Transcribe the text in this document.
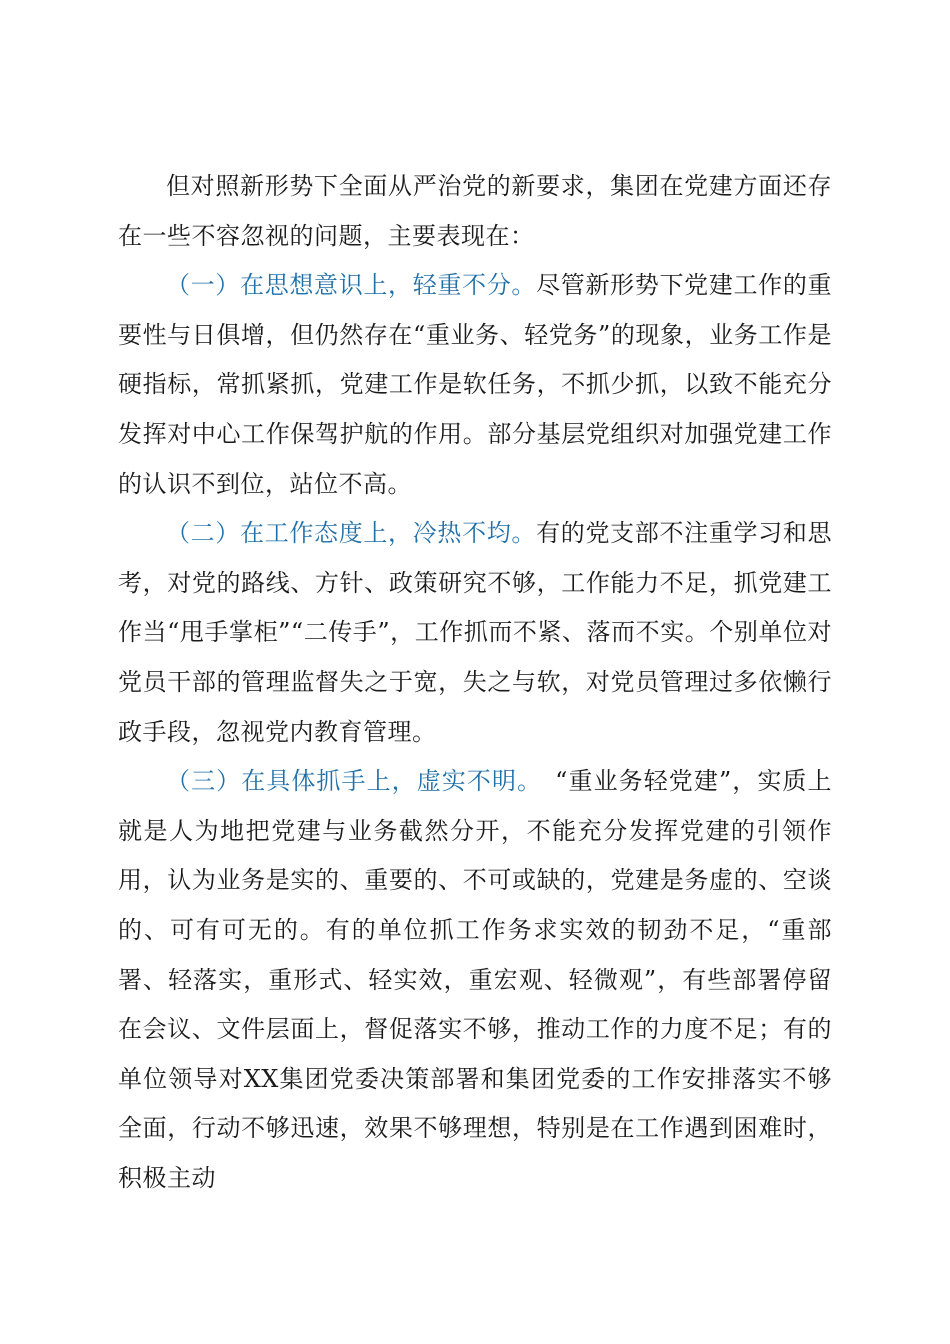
但对照新形势下全面从严治党的新要求，集团在党建方面还存在一些不容忽视的问题，主要表现在：

（一）在思想意识上，轻重不分。尽管新形势下党建工作的重要性与日俱增，但仍然存在“重业务、轻党务”的现象，业务工作是硬指标，常抓紧抓，党建工作是软任务，不抓少抓，以致不能充分发挥对中心工作保驾护航的作用。部分基层党组织对加强党建工作的认识不到位，站位不高。

（二）在工作态度上，冷热不均。有的党支部不注重学习和思考，对党的路线、方针、政策研究不够，工作能力不足，抓党建工作当“甩手掌柜”“二传手”，工作抓而不紧、落而不实。个别单位对党员干部的管理监督失之于宽，失之与软，对党员管理过多依懒行政手段，忽视党内教育管理。

（三）在具体抓手上，虚实不明。　“重业务轻党建”，实质上就是人为地把党建与业务截然分开，不能充分发挥党建的引领作用，认为业务是实的、重要的、不可或缺的，党建是务虚的、空谈的、可有可无的。有的单位抓工作务求实效的韧劲不足，“重部署、轻落实，重形式、轻实效，重宏观、轻微观”，有些部署停留在会议、文件层面上，督促落实不够，推动工作的力度不足；有的单位领导对XX集团党委决策部署和集团党委的工作安排落实不够全面，行动不够迅速，效果不够理想，特别是在工作遇到困难时，积极主动
